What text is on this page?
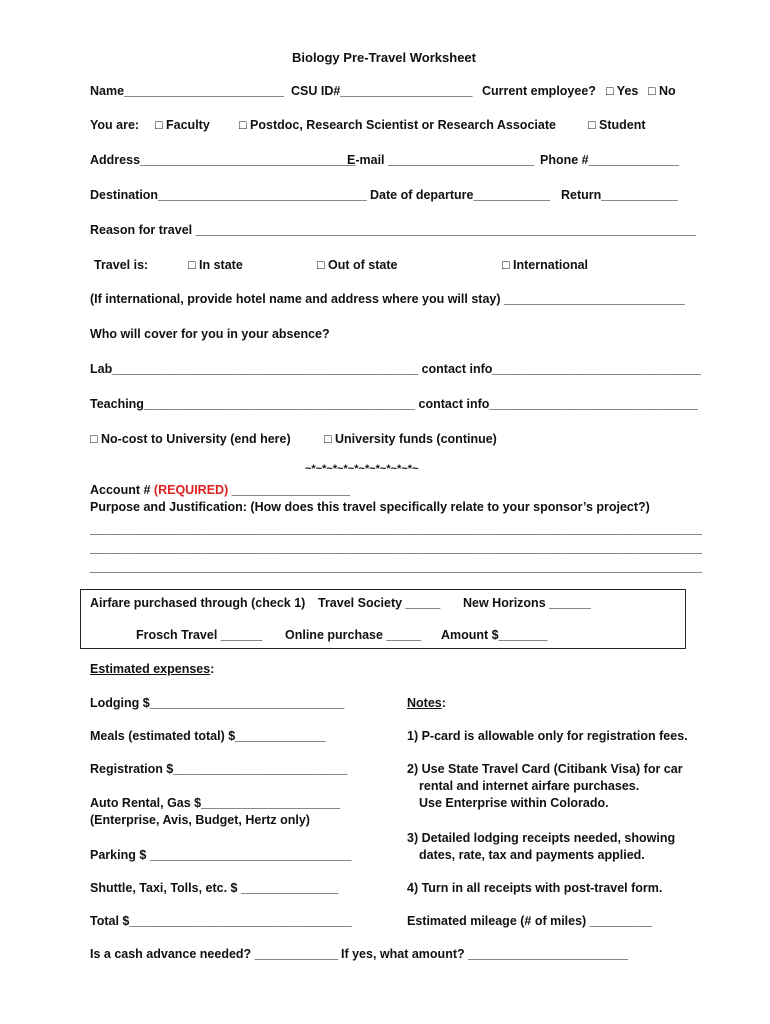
Biology Pre-Travel Worksheet
Name_______________________ CSU ID#___________________ Current employee? □ Yes □ No
You are: □ Faculty □ Postdoc, Research Scientist or Research Associate	□ Student
Address_______________________________
E-mail _____________________ Phone #_____________
Destination______________________________ Date of departure___________ Return___________
Reason for travel ________________________________________________________________________
Travel is:	□ In state	□ Out of state	□ International
(If international, provide hotel name and address where you will stay) __________________________
Who will cover for you in your absence?
Lab____________________________________________ contact info______________________________
Teaching_______________________________________ contact info______________________________
□ No-cost to University (end here)	□ University funds (continue)
~*~*~*~*~*~*~*~*~*~*~
Account # (REQUIRED) _________________
Purpose and Justification: (How does this travel specifically relate to your sponsor’s project?)
________________________________________________________________________________________
________________________________________________________________________________________
________________________________________________________________________________________
Airfare purchased through (check 1) Travel Society _____ New Horizons ______
Frosch Travel ______ Online purchase _____ Amount $_______
Estimated expenses:
Lodging $____________________________
Meals (estimated total) $_____________
Registration $_________________________
Auto Rental, Gas $____________________
(Enterprise, Avis, Budget, Hertz only)
Parking $ _____________________________
Shuttle, Taxi, Tolls, etc. $ ______________
Total $________________________________
Notes:
1) P-card is allowable only for registration fees.
2) Use State Travel Card (Citibank Visa) for car
rental and internet airfare purchases.
Use Enterprise within Colorado.
3) Detailed lodging receipts needed, showing
dates, rate, tax and payments applied.
4) Turn in all receipts with post-travel form.
Estimated mileage (# of miles) _________
Is a cash advance needed? ____________ If yes, what amount? _______________________
